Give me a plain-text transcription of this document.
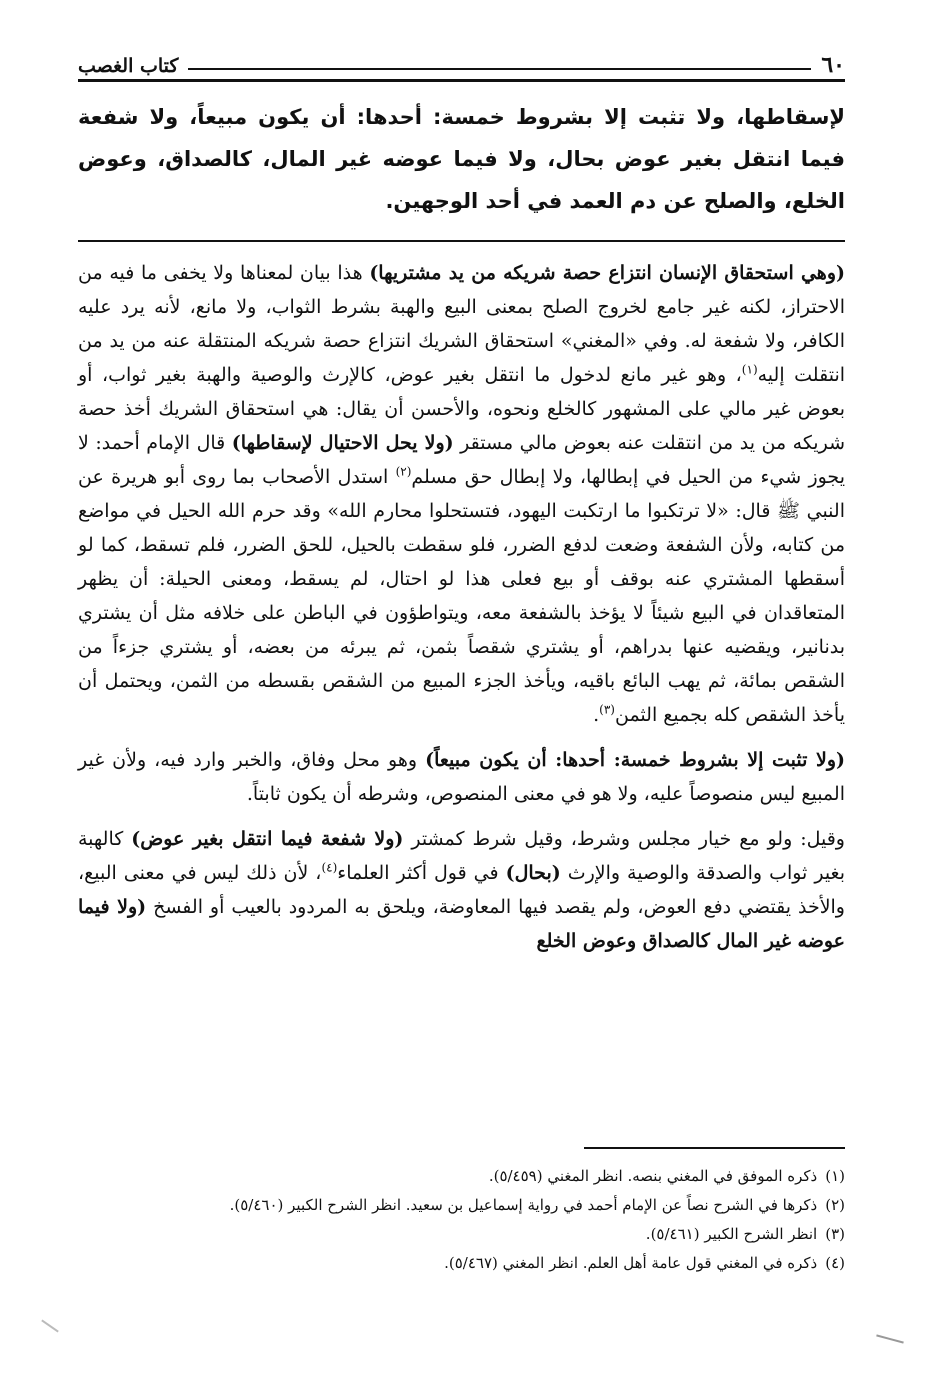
٦٠
كتاب الغصب
لإسقاطها، ولا تثبت إلا بشروط خمسة: أحدها: أن يكون مبيعاً، ولا شفعة فيما انتقل بغير عوض بحال، ولا فيما عوضه غير المال، كالصداق، وعوض الخلع، والصلح عن دم العمد في أحد الوجهين.

(وهي استحقاق الإنسان انتزاع حصة شريكه من يد مشتريها) هذا بيان لمعناها ولا يخفى ما فيه من الاحتراز، لكنه غير جامع لخروج الصلح بمعنى البيع والهبة بشرط الثواب، ولا مانع، لأنه يرد عليه الكافر، ولا شفعة له. وفي «المغني» استحقاق الشريك انتزاع حصة شريكه المنتقلة عنه من يد من انتقلت إليه$^{(١)}$، وهو غير مانع لدخول ما انتقل بغير عوض، كالإرث والوصية والهبة بغير ثواب، أو بعوض غير مالي على المشهور كالخلع ونحوه، والأحسن أن يقال: هي استحقاق الشريك أخذ حصة شريكه من يد من انتقلت عنه بعوض مالي مستقر (ولا يحل الاحتيال لإسقاطها) قال الإمام أحمد: لا يجوز شيء من الحيل في إبطالها، ولا إبطال حق مسلم$^{(٢)}$ استدل الأصحاب بما روى أبو هريرة عن النبي ﷺ قال: «لا ترتكبوا ما ارتكبت اليهود، فتستحلوا محارم الله» وقد حرم الله الحيل في مواضع من كتابه، ولأن الشفعة وضعت لدفع الضرر، فلو سقطت بالحيل، للحق الضرر، فلم تسقط، كما لو أسقطها المشتري عنه بوقف أو بيع فعلى هذا لو احتال، لم يسقط، ومعنى الحيلة: أن يظهر المتعاقدان في البيع شيئاً لا يؤخذ بالشفعة معه، ويتواطؤون في الباطن على خلافه مثل أن يشتري بدنانير، ويقضيه عنها بدراهم، أو يشتري شقصاً بثمن، ثم يبرئه من بعضه، أو يشتري جزءاً من الشقص بمائة، ثم يهب البائع باقيه، ويأخذ الجزء المبيع من الشقص بقسطه من الثمن، ويحتمل أن يأخذ الشقص كله بجميع الثمن$^{(٣)}$.

(ولا تثبت إلا بشروط خمسة: أحدها: أن يكون مبيعاً) وهو محل وفاق، والخبر وارد فيه، ولأن غير المبيع ليس منصوصاً عليه، ولا هو في معنى المنصوص، وشرطه أن يكون ثابتاً.

وقيل: ولو مع خيار مجلس وشرط، وقيل شرط كمشتر (ولا شفعة فيما انتقل بغير عوض) كالهبة بغير ثواب والصدقة والوصية والإرث (بحال) في قول أكثر العلماء$^{(٤)}$، لأن ذلك ليس في معنى البيع، والأخذ يقتضي دفع العوض، ولم يقصد فيها المعاوضة، ويلحق به المردود بالعيب أو الفسخ (ولا فيما عوضه غير المال كالصداق وعوض الخلع

(١)
ذكره الموفق في المغني بنصه. انظر المغني (٥/٤٥٩).
(٢)
ذكرها في الشرح نصاً عن الإمام أحمد في رواية إسماعيل بن سعيد. انظر الشرح الكبير (٥/٤٦٠).
(٣)
انظر الشرح الكبير (٥/٤٦١).
(٤)
ذكره في المغني قول عامة أهل العلم. انظر المغني (٥/٤٦٧).
